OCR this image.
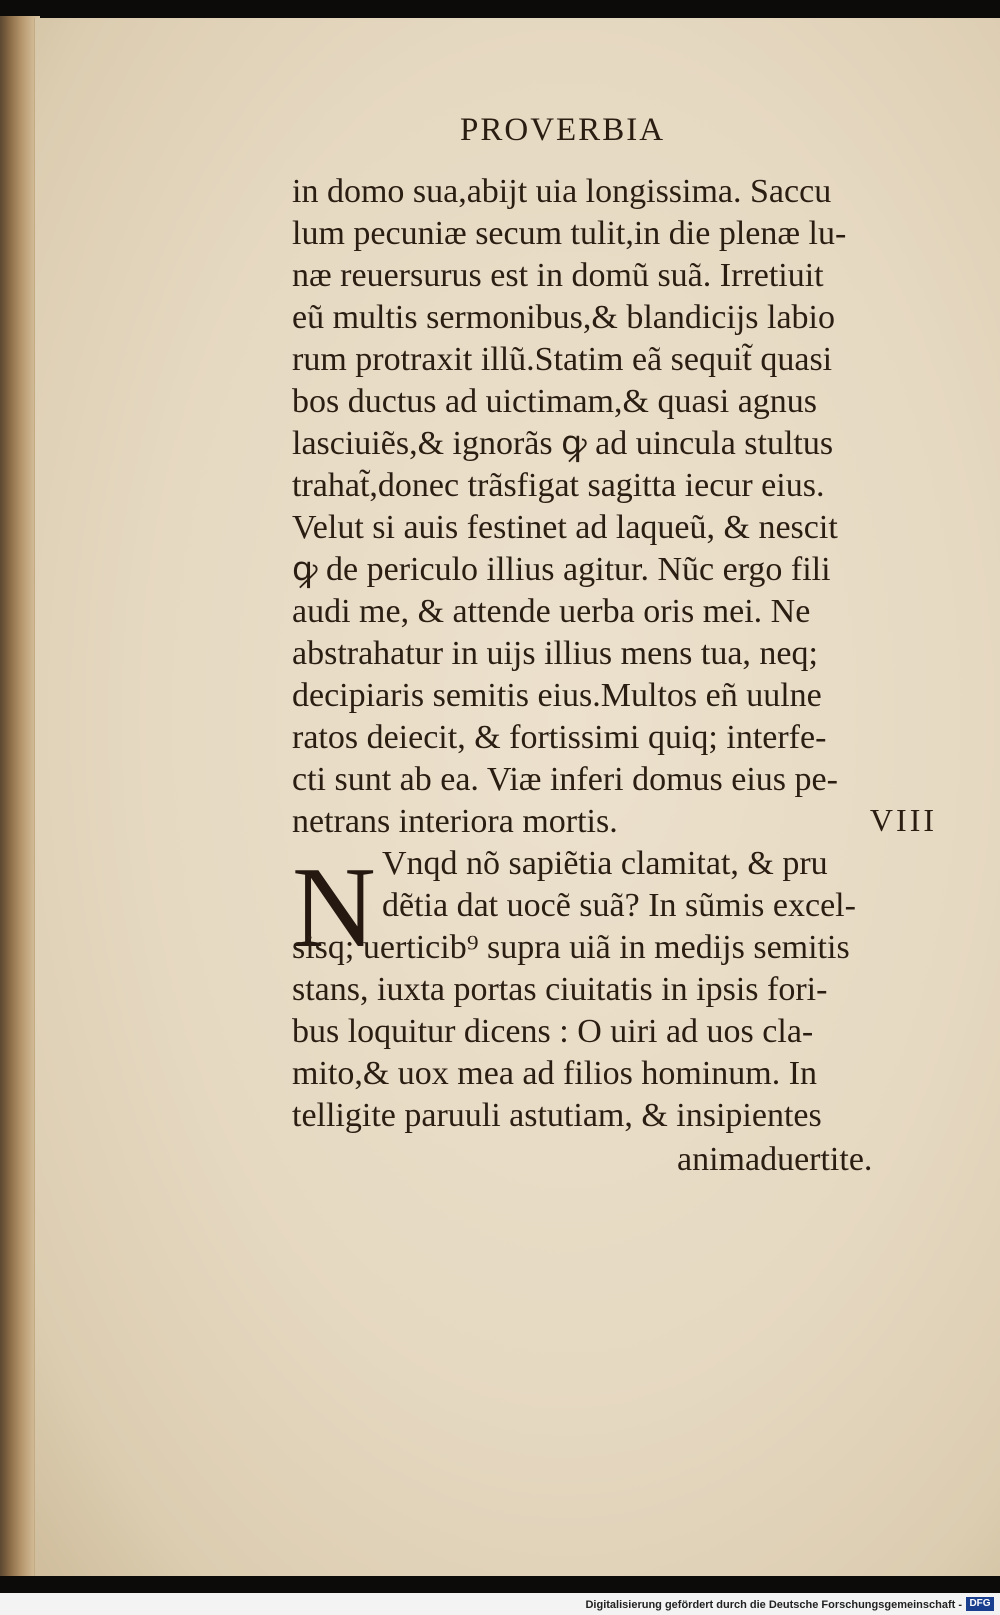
PROVERBIA
N
in domo sua,abijt uia longissima. Saccu
lum pecuniæ secum tulit,in die plenæ lu-
næ reuersurus est in domũ suã. Irretiuit
eũ multis sermonibus,& blandicijs labio
rum protraxit illũ.Statim eã sequit̃ quasi
bos ductus ad uictimam,& quasi agnus
lasciuiẽs,& ignorãs ꝙ ad uincula stultus
trahat̃,donec trãsfigat sagitta iecur eius.
Velut si auis festinet ad laqueũ, & nescit
ꝙ de periculo illius agitur. Nũc ergo fili
audi me, & attende uerba oris mei. Ne
abstrahatur in uijs illius mens tua, neq;
decipiaris semitis eius.Multos eñ uulne
ratos deiecit, & fortissimi quiq; interfe-
cti sunt ab ea. Viæ inferi domus eius pe-
netrans interiora mortis.	VIII
Vnqd nõ sapiẽtia clamitat, & pru
dẽtia dat uocẽ suã? In sũmis excel-
sisq; uerticib⁹ supra uiã in medijs semitis
stans, iuxta portas ciuitatis in ipsis fori-
bus loquitur dicens : O uiri ad uos cla-
mito,& uox mea ad filios hominum. In
telligite paruuli astutiam, & insipientes
animaduertite.
Digitalisierung gefördert durch die Deutsche Forschungsgemeinschaft - DFG
